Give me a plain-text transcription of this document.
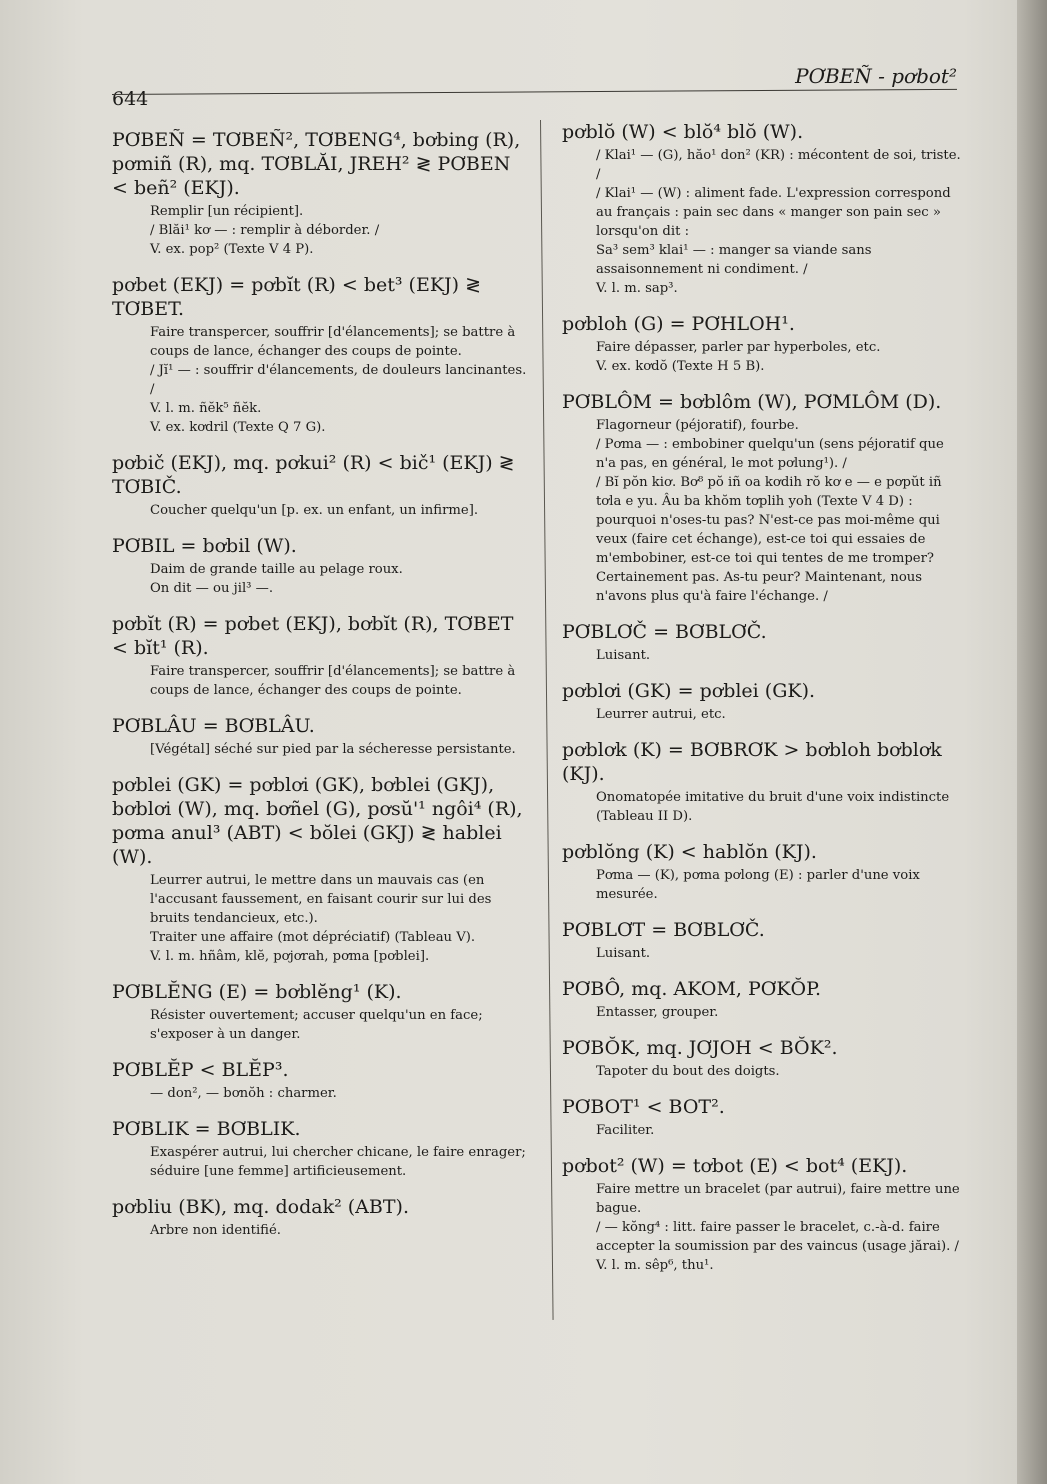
644
PƠBEÑ - pơbot²
PƠBEÑ = TƠBEÑ², TƠBENG⁴, bơbing (R), pơmiñ (R), mq. TƠBLĂI, JREH² ≷ PƠBEN < beñ² (EKJ).
Remplir [un récipient].
/ Blăi¹ kơ — : remplir à déborder. /
V. ex. pop² (Texte V 4 P).
pơbet (EKJ) = pơbĭt (R) < bet³ (EKJ) ≷ TƠBET.
Faire transpercer, souffrir [d'élancements]; se battre à coups de lance, échanger des coups de pointe.
/ Jĭ¹ — : souffrir d'élancements, de douleurs lancinantes. /
V. l. m. ñĕk⁵ ñĕk.
V. ex. kơdril (Texte Q 7 G).
pơbič (EKJ), mq. pơkui² (R) < bič¹ (EKJ) ≷ TƠBIČ.
Coucher quelqu'un [p. ex. un enfant, un infirme].
PƠBIL = bơbil (W).
Daim de grande taille au pelage roux.
On dit — ou jil³ —.
pơbĭt (R) = pơbet (EKJ), bơbĭt (R), TƠBET < bĭt¹ (R).
Faire transpercer, souffrir [d'élancements]; se battre à coups de lance, échanger des coups de pointe.
PƠBLÂU = BƠBLÂU.
[Végétal] séché sur pied par la sécheresse persistante.
pơblei (GK) = pơblơi (GK), bơblei (GKJ), bơblơi (W), mq. bơñel (G), pơsŭ'¹ ngôi⁴ (R), pơma anul³ (ABT) < bŏlei (GKJ) ≷ hablei (W).
Leurrer autrui, le mettre dans un mauvais cas (en l'accusant faussement, en faisant courir sur lui des bruits tendancieux, etc.).
Traiter une affaire (mot dépréciatif) (Tableau V).
V. l. m. hñâm, klĕ, pơjơrah, pơma [pơblei].
PƠBLĔNG (E) = bơblĕng¹ (K).
Résister ouvertement; accuser quelqu'un en face; s'exposer à un danger.
PƠBLĔP < BLĔP³.
— don², — bơnŏh : charmer.
PƠBLIK = BƠBLIK.
Exaspérer autrui, lui chercher chicane, le faire enrager;
séduire [une femme] artificieusement.
pơbliu (BK), mq. dodak² (ABT).
Arbre non identifié.
pơblŏ (W) < blŏ⁴ blŏ (W).
/ Klai¹ — (G), hăo¹ don² (KR) : mécontent de soi, triste. /
/ Klai¹ — (W) : aliment fade. L'expression correspond au français : pain sec dans « manger son pain sec » lorsqu'on dit :
Sa³ sem³ klai¹ — : manger sa viande sans assaisonnement ni condiment. /
V. l. m. sap³.
pơbloh (G) = PƠHLOH¹.
Faire dépasser, parler par hyperboles, etc.
V. ex. kơdŏ (Texte H 5 B).
PƠBLÔM = bơblôm (W), PƠMLÔM (D).
Flagorneur (péjoratif), fourbe.
/ Pơma — : embobiner quelqu'un (sens péjoratif que n'a pas, en général, le mot pơlung¹). /
/ Bĭ pŏn kiơ. Bơ⁸ pŏ iñ oa kơdih rŏ kơ e — e pơpŭt iñ tơla e yu. Âu ba khŏm tơplih yoh (Texte V 4 D) : pourquoi n'oses-tu pas? N'est-ce pas moi-même qui veux (faire cet échange), est-ce toi qui essaies de m'embobiner, est-ce toi qui tentes de me tromper? Certainement pas. As-tu peur? Maintenant, nous n'avons plus qu'à faire l'échange. /
PƠBLƠČ = BƠBLƠČ.
Luisant.
pơblơi (GK) = pơblei (GK).
Leurrer autrui, etc.
pơblơk (K) = BƠBRƠK > bơbloh bơblơk (KJ).
Onomatopée imitative du bruit d'une voix indistincte (Tableau II D).
pơblŏng (K) < hablŏn (KJ).
Pơma — (K), pơma pơlong (E) : parler d'une voix mesurée.
PƠBLƠT = BƠBLƠČ.
Luisant.
PƠBÔ, mq. AKOM, PƠKŎP.
Entasser, grouper.
PƠBŎK, mq. JƠJOH < BŎK².
Tapoter du bout des doigts.
PƠBOT¹ < BOT².
Faciliter.
pơbot² (W) = tơbot (E) < bot⁴ (EKJ).
Faire mettre un bracelet (par autrui), faire mettre une bague.
/ — kŏng⁴ : litt. faire passer le bracelet, c.-à-d. faire accepter la soumission par des vaincus (usage jărai). /
V. l. m. sêp⁶, thu¹.
